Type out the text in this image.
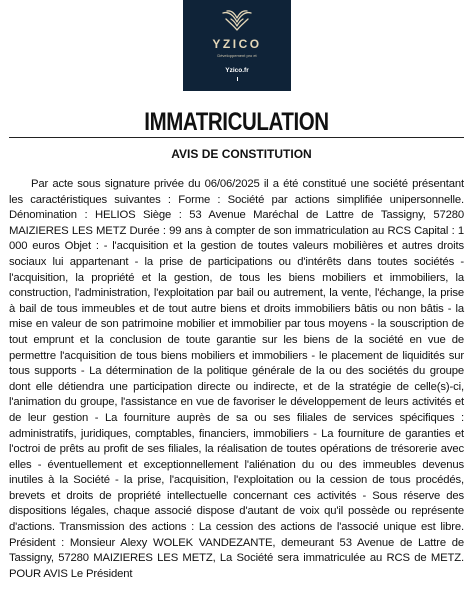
YZICO
Développement pro et
Yzico.fr
IMMATRICULATION
AVIS DE CONSTITUTION

Par acte sous signature privée du 06/06/2025 il a été constitué une société présentant les caractéristiques suivantes : Forme : Société par actions simplifiée unipersonnelle. Dénomination : HELIOS Siège : 53 Avenue Maréchal de Lattre de Tassigny, 57280 MAIZIERES LES METZ Durée : 99 ans à compter de son immatriculation au RCS Capital : 1 000 euros Objet : - l'acquisition et la gestion de toutes valeurs mobilières et autres droits sociaux lui appartenant - la prise de participations ou d'intérêts dans toutes sociétés - l'acquisition, la propriété et la gestion, de tous les biens mobiliers et immobiliers, la construction, l'administration, l'exploitation par bail ou autrement, la vente, l'échange, la prise à bail de tous immeubles et de tout autre biens et droits immobiliers bâtis ou non bâtis - la mise en valeur de son patrimoine mobilier et immobilier par tous moyens - la souscription de tout emprunt et la conclusion de toute garantie sur les biens de la société en vue de permettre l'acquisition de tous biens mobiliers et immobiliers - le placement de liquidités sur tous supports - La détermination de la politique générale de la ou des sociétés du groupe dont elle détiendra une participation directe ou indirecte, et de la stratégie de celle(s)-ci, l'animation du groupe, l'assistance en vue de favoriser le développement de leurs activités et de leur gestion - La fourniture auprès de sa ou ses filiales de services spécifiques : administratifs, juridiques, comptables, financiers, immobiliers - La fourniture de garanties et l'octroi de prêts au profit de ses filiales, la réalisation de toutes opérations de trésorerie avec elles - éventuellement et exceptionnellement l'aliénation du ou des immeubles devenus inutiles à la Société - la prise, l'acquisition, l'exploitation ou la cession de tous procédés, brevets et droits de propriété intellectuelle concernant ces activités - Sous réserve des dispositions légales, chaque associé dispose d'autant de voix qu'il possède ou représente d'actions. Transmission des actions : La cession des actions de l'associé unique est libre. Président : Monsieur Alexy WOLEK VANDEZANTE, demeurant 53 Avenue de Lattre de Tassigny, 57280 MAIZIERES LES METZ, La Société sera immatriculée au RCS de METZ. POUR AVIS Le Président
